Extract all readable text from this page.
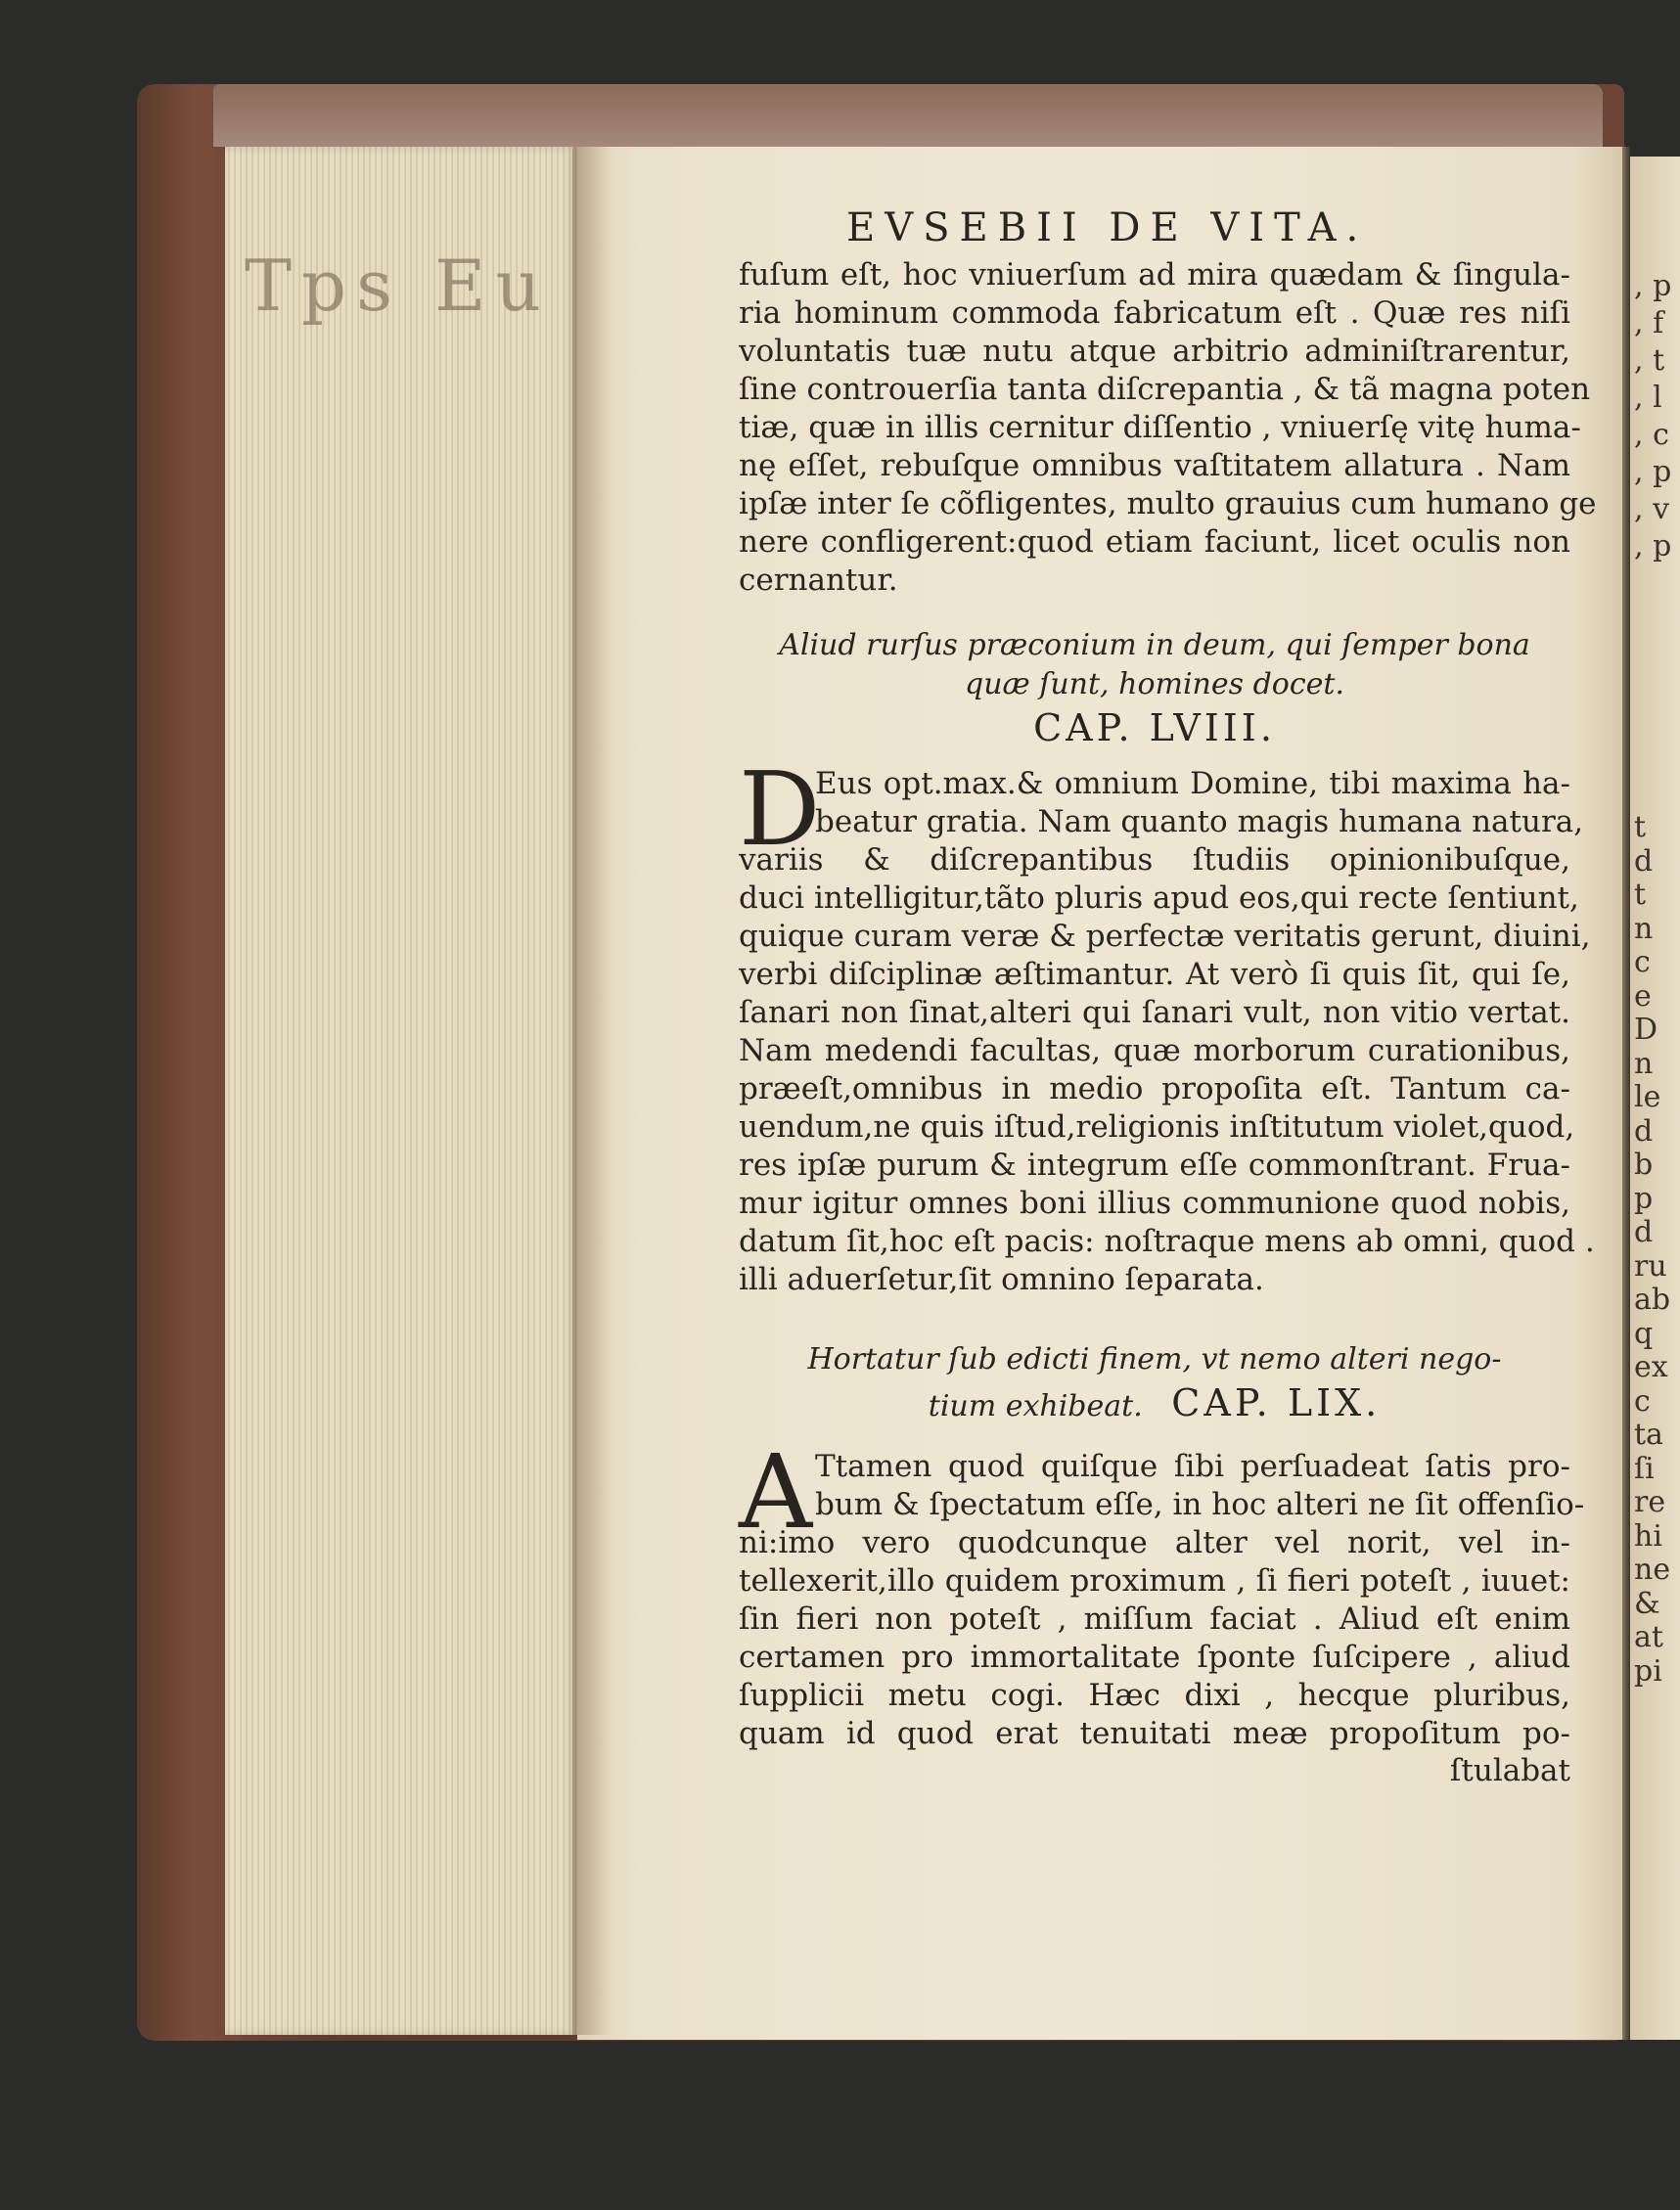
Tps Eu	, p
, f
, t
, l
, c
, p
, v
, p
t
d
t
n
c
e
D
n
le
d
b
p
d
ru
ab
q
ex
c
ta
ſi
re
hi
ne
&
at
pi
EVSEBII DE VITA.
fuſum eſt, hoc vniuerſum ad mira quædam & ſingula-
ria hominum commoda fabricatum eſt . Quæ res niſi
voluntatis tuæ nutu atque arbitrio adminiſtrarentur,
ſine controuerſia tanta diſcrepantia , & tã magna poten
tiæ, quæ in illis cernitur diſſentio , vniuerſę vitę huma-
nę eſſet, rebuſque omnibus vaſtitatem allatura . Nam
ipſæ inter ſe cõfligentes, multo grauius cum humano ge
nere confligerent:quod etiam faciunt, licet oculis non
cernantur.
Aliud rurſus præconium in deum, qui ſemper bona
quæ ſunt, homines docet.
CAP. LVIII.
D
Eus opt.max.& omnium Domine, tibi maxima ha-
beatur gratia. Nam quanto magis humana natura,
variis & diſcrepantibus ſtudiis opinionibuſque,
duci intelligitur,tãto pluris apud eos,qui recte ſentiunt,
quique curam veræ & perfectæ veritatis gerunt, diuini,
verbi diſciplinæ æſtimantur. At verò ſi quis ſit, qui ſe,
ſanari non ſinat,alteri qui ſanari vult, non vitio vertat.
Nam medendi facultas, quæ morborum curationibus,
præeſt,omnibus in medio propoſita eſt. Tantum ca-
uendum,ne quis iſtud,religionis inſtitutum violet,quod,
res ipſæ purum & integrum eſſe commonſtrant. Frua-
mur igitur omnes boni illius communione quod nobis,
datum ſit,hoc eſt pacis: noſtraque mens ab omni, quod .
illi aduerſetur,ſit omnino ſeparata.
Hortatur ſub edicti finem, vt nemo alteri nego-
tium exhibeat. CAP. LIX.
A Ttamen quod quiſque ſibi perſuadeat ſatis pro-
bum & ſpectatum eſſe, in hoc alteri ne ſit offenſio-
ni:imo vero quodcunque alter vel norit, vel in-
tellexerit,illo quidem proximum , ſi fieri poteſt , iuuet:
ſin fieri non poteſt , miſſum faciat . Aliud eſt enim
certamen pro immortalitate ſponte ſuſcipere , aliud
ſupplicii metu cogi. Hæc dixi , hecque pluribus,
quam id quod erat tenuitati meæ propoſitum po-
ſtulabat
